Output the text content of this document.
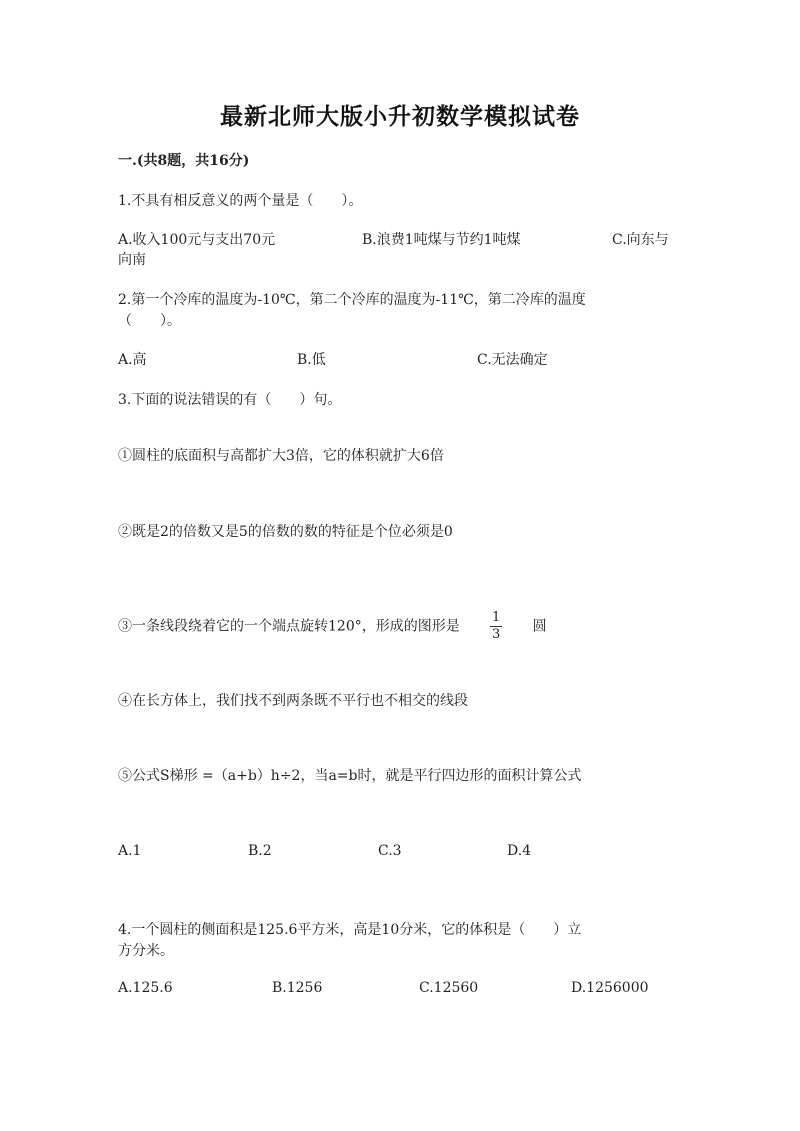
最新北师大版小升初数学模拟试卷
一.(共8题，共16分)
1.不具有相反意义的两个量是（　　）。
A.收入100元与支出70元	B.浪费1吨煤与节约1吨煤	C.向东与
向南
2.第一个冷库的温度为-10℃，第二个冷库的温度为-11℃，第二冷库的温度
（　　）。
A.高	B.低	C.无法确定
3.下面的说法错误的有（　　）句。
①圆柱的底面积与高都扩大3倍，它的体积就扩大6倍
②既是2的倍数又是5的倍数的数的特征是个位必须是0
③一条线段绕着它的一个端点旋转120°，形成的图形是 $\frac{1}{3}$ 圆
④在长方体上，我们找不到两条既不平行也不相交的线段
⑤公式S梯形 =（a+b）h÷2，当a=b时，就是平行四边形的面积计算公式
A.1	B.2	C.3	D.4
4.一个圆柱的侧面积是125.6平方米，高是10分米，它的体积是（　　）立
方分米。
A.125.6	B.1256	C.12560	D.1256000
